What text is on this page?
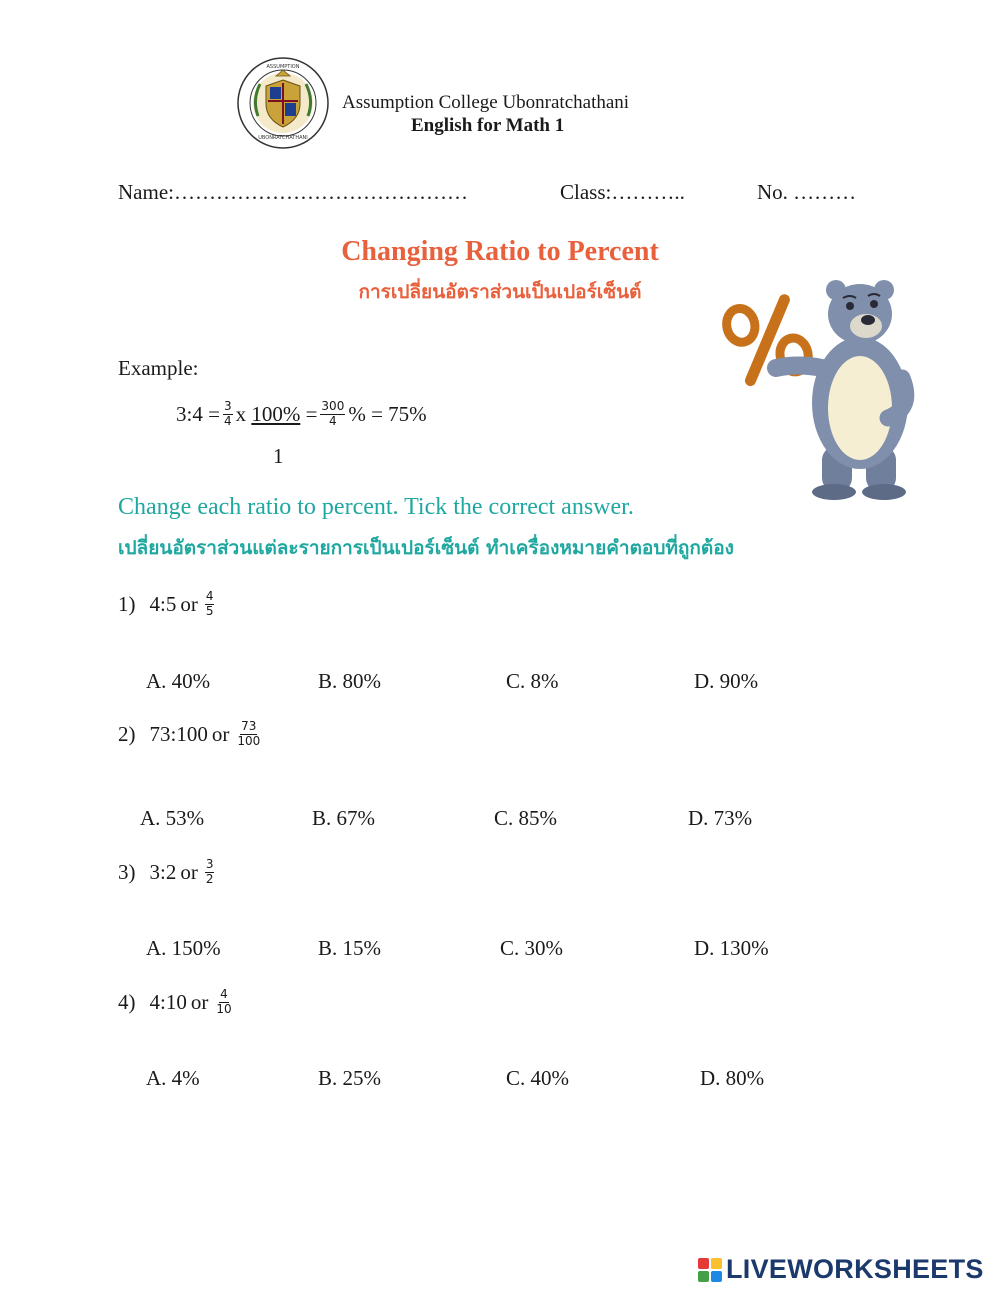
UBONRATCHATHANI
ASSUMPTION
Assumption College Ubonratchathani
English for Math 1
Name:……………………………………	Class:………..	No. ………
Changing Ratio to Percent
การเปลี่ยนอัตราส่วนเป็นเปอร์เซ็นต์
Example:
3:4 = $\frac{3}{4}$ x
100%
= $\frac{300}{4}$ % = 75%
1
Change each ratio to percent. Tick the correct answer.
เปลี่ยนอัตราส่วนแต่ละรายการเป็นเปอร์เซ็นต์ ทำเครื่องหมายคำตอบที่ถูกต้อง
1) 4:5 or $\frac{4}{5}$
A. 40%	B. 80%	C. 8%	D. 90%
2) 73:100 or $\frac{73}{100}$
A. 53%	B. 67%	C. 85%	D. 73%
3) 3:2 or $\frac{3}{2}$
A. 150%	B. 15%	C. 30%	D. 130%
4) 4:10 or $\frac{4}{10}$
A. 4%	B. 25%	C. 40%	D. 80%
LIVEWORKSHEETS
